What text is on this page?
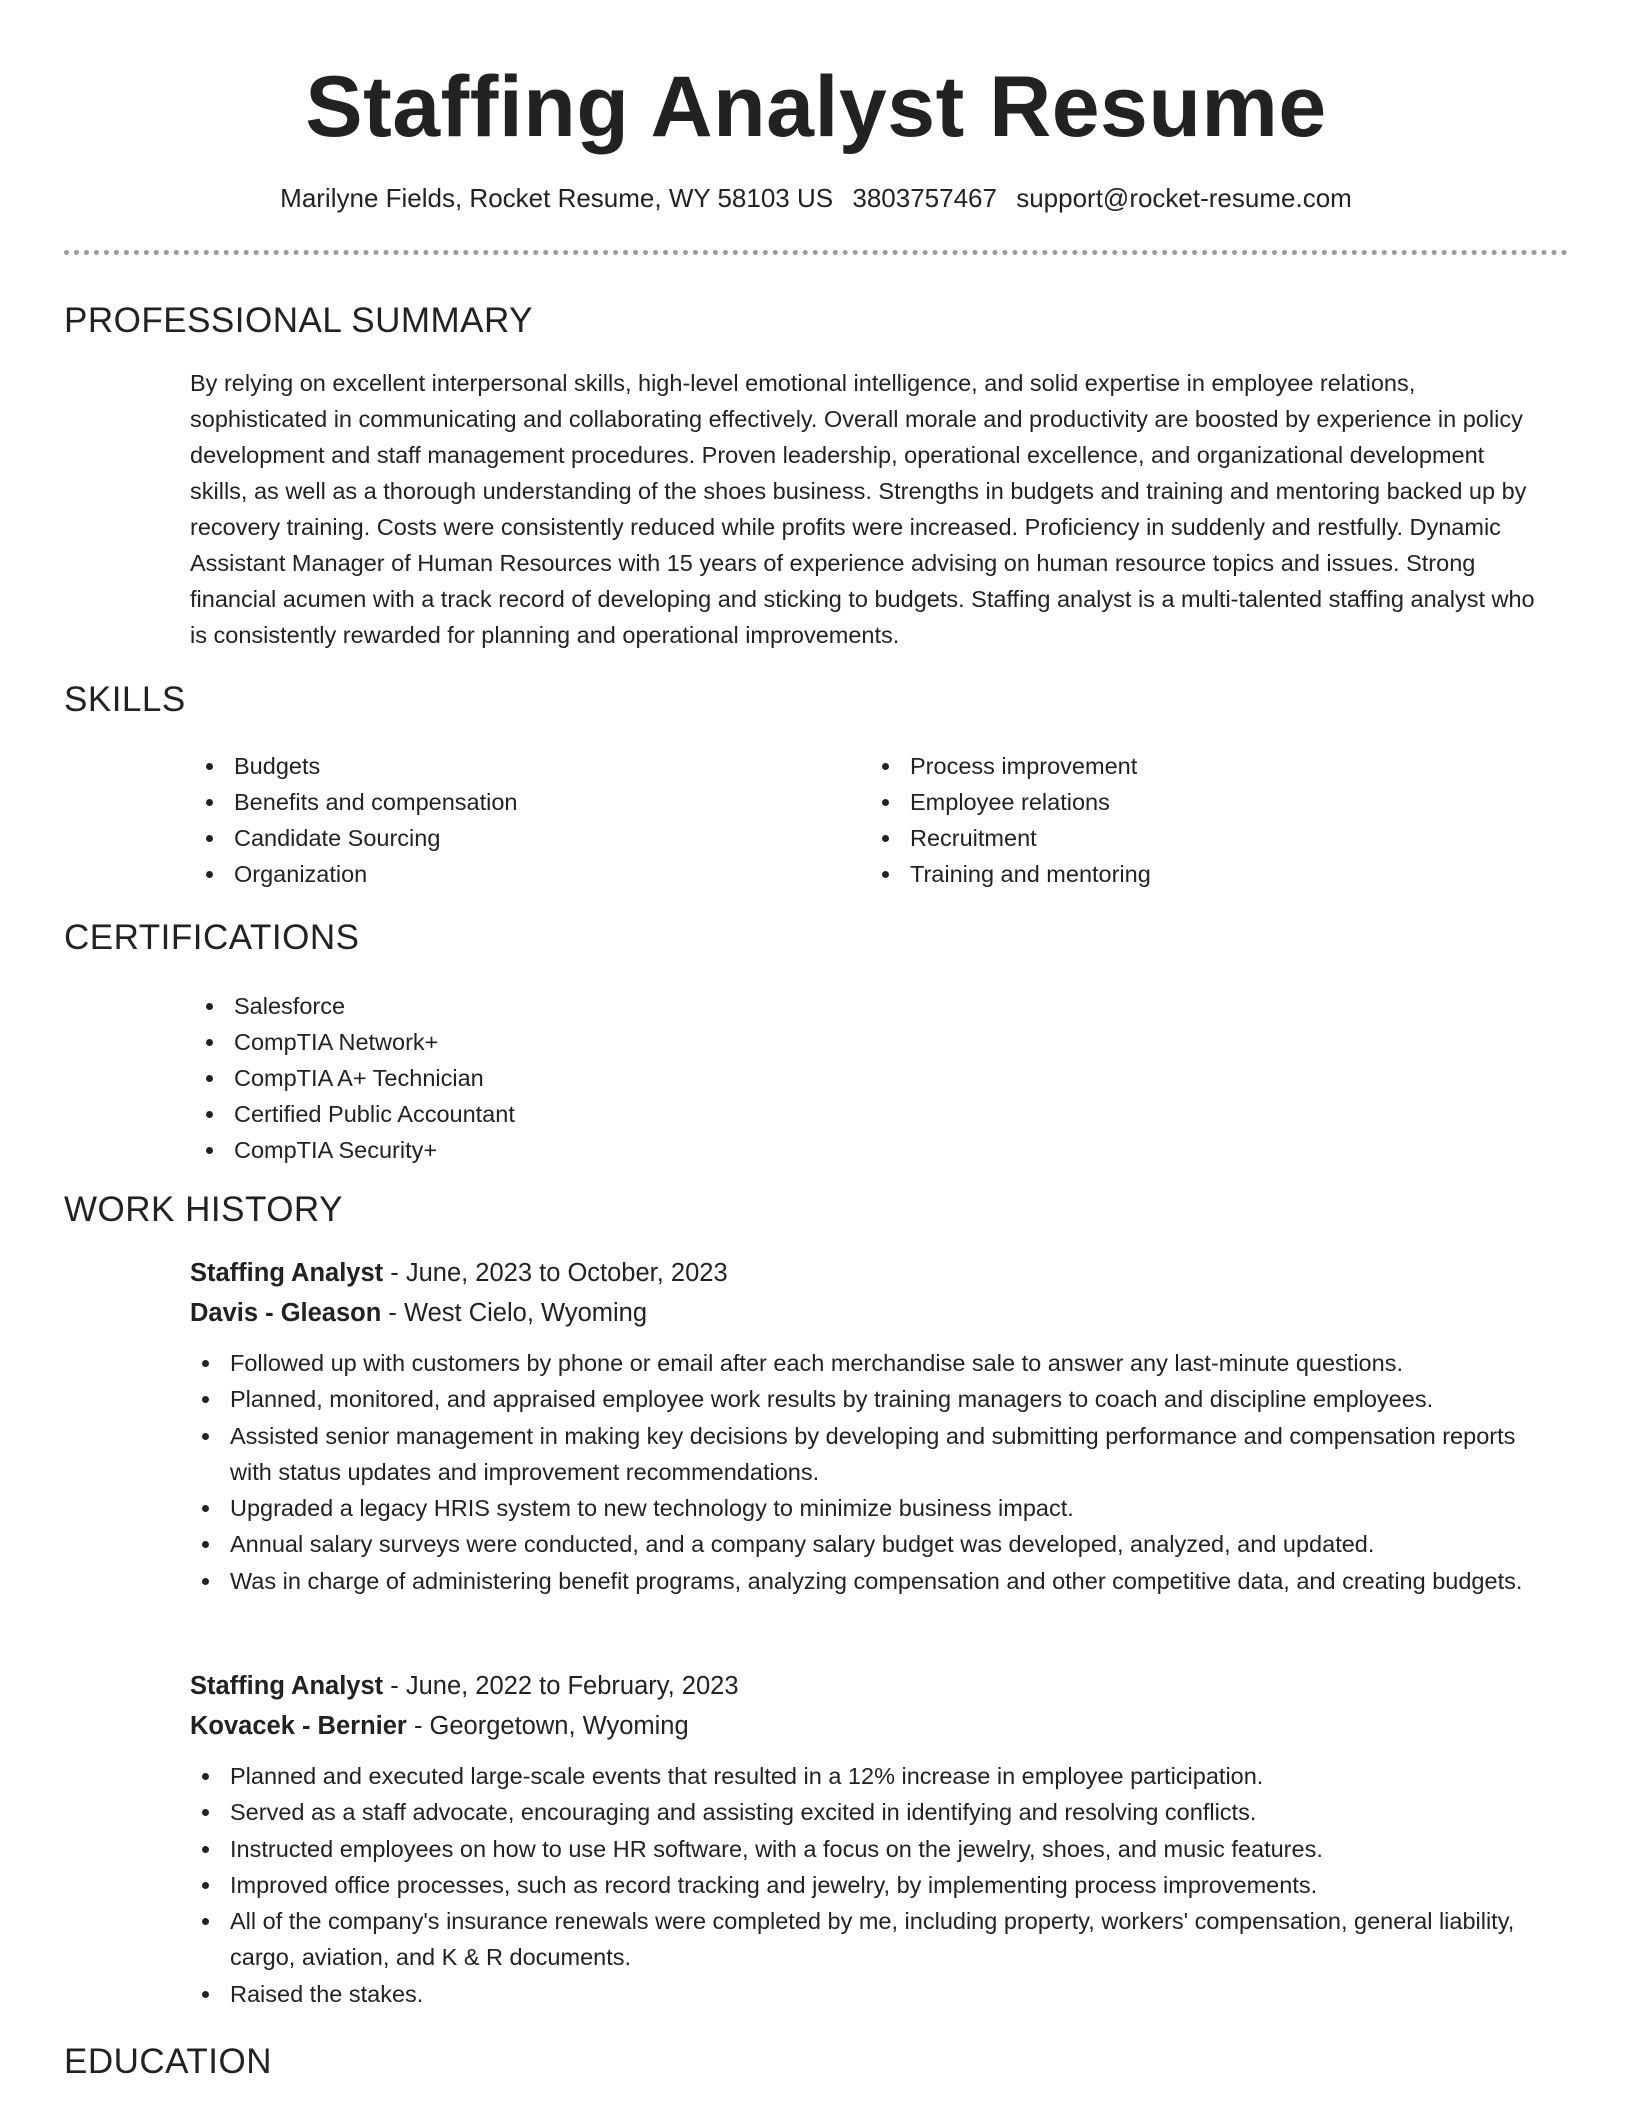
Staffing Analyst Resume
Marilyne Fields, Rocket Resume, WY 58103 US 3803757467 support@rocket-resume.com
PROFESSIONAL SUMMARY

By relying on excellent interpersonal skills, high-level emotional intelligence, and solid expertise in employee relations, sophisticated in communicating and collaborating effectively. Overall morale and productivity are boosted by experience in policy development and staff management procedures. Proven leadership, operational excellence, and organizational development skills, as well as a thorough understanding of the shoes business. Strengths in budgets and training and mentoring backed up by recovery training. Costs were consistently reduced while profits were increased. Proficiency in suddenly and restfully. Dynamic Assistant Manager of Human Resources with 15 years of experience advising on human resource topics and issues. Strong financial acumen with a track record of developing and sticking to budgets. Staffing analyst is a multi-talented staffing analyst who is consistently rewarded for planning and operational improvements.

SKILLS
Budgets
Benefits and compensation
Candidate Sourcing
Organization
Process improvement
Employee relations
Recruitment
Training and mentoring
CERTIFICATIONS
Salesforce
CompTIA Network+
CompTIA A+ Technician
Certified Public Accountant
CompTIA Security+
WORK HISTORY
Staffing Analyst - June, 2023 to October, 2023
Davis - Gleason - West Cielo, Wyoming
Followed up with customers by phone or email after each merchandise sale to answer any last-minute questions.
Planned, monitored, and appraised employee work results by training managers to coach and discipline employees.
Assisted senior management in making key decisions by developing and submitting performance and compensation reports with status updates and improvement recommendations.
Upgraded a legacy HRIS system to new technology to minimize business impact.
Annual salary surveys were conducted, and a company salary budget was developed, analyzed, and updated.
Was in charge of administering benefit programs, analyzing compensation and other competitive data, and creating budgets.
Staffing Analyst - June, 2022 to February, 2023
Kovacek - Bernier - Georgetown, Wyoming
Planned and executed large-scale events that resulted in a 12% increase in employee participation.
Served as a staff advocate, encouraging and assisting excited in identifying and resolving conflicts.
Instructed employees on how to use HR software, with a focus on the jewelry, shoes, and music features.
Improved office processes, such as record tracking and jewelry, by implementing process improvements.
All of the company's insurance renewals were completed by me, including property, workers' compensation, general liability, cargo, aviation, and K & R documents.
Raised the stakes.
EDUCATION
